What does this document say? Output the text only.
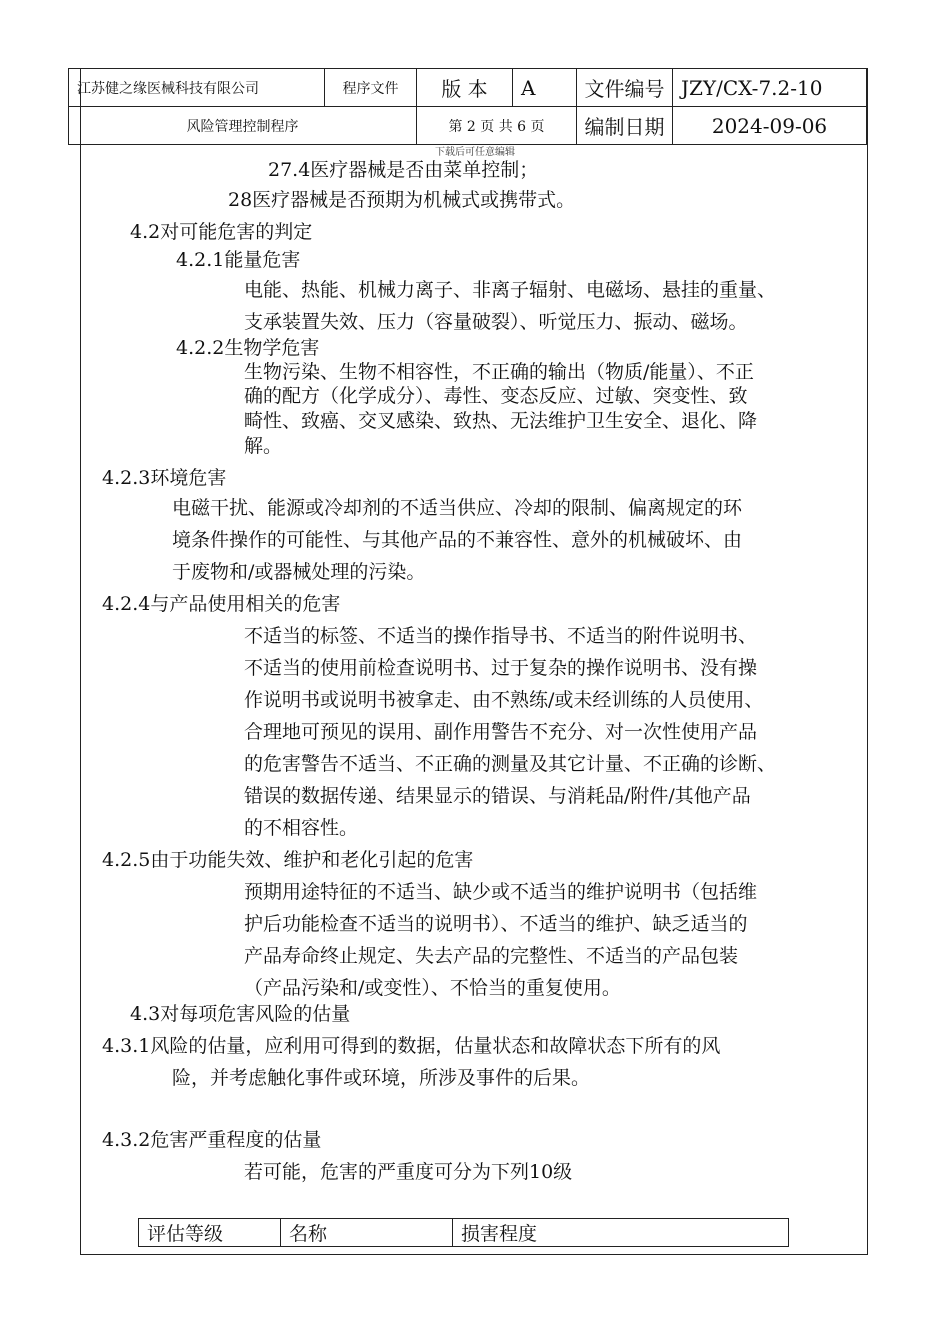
江苏健之缘医械科技有限公司	程序文件	版 本	A	文件编号	JZY/CX-7.2-10
风险管理控制程序		第 2 页 共 6 页		编制日期	2024-09-06
下载后可任意编辑
27.4医疗器械是否由菜单控制；
28医疗器械是否预期为机械式或携带式。
4.2对可能危害的判定
4.2.1能量危害
电能、热能、机械力离子、非离子辐射、电磁场、悬挂的重量、
支承装置失效、压力（容量破裂）、听觉压力、振动、磁场。
4.2.2生物学危害
生物污染、生物不相容性，不正确的输出（物质/能量）、不正
确的配方（化学成分）、毒性、变态反应、过敏、突变性、致
畸性、致癌、交叉感染、致热、无法维护卫生安全、退化、降
解。
4.2.3环境危害
电磁干扰、能源或冷却剂的不适当供应、冷却的限制、偏离规定的环
境条件操作的可能性、与其他产品的不兼容性、意外的机械破坏、由
于废物和/或器械处理的污染。
4.2.4与产品使用相关的危害
不适当的标签、不适当的操作指导书、不适当的附件说明书、
不适当的使用前检查说明书、过于复杂的操作说明书、没有操
作说明书或说明书被拿走、由不熟练/或未经训练的人员使用、
合理地可预见的误用、副作用警告不充分、对一次性使用产品
的危害警告不适当、不正确的测量及其它计量、不正确的诊断、
错误的数据传递、结果显示的错误、与消耗品/附件/其他产品
的不相容性。
4.2.5由于功能失效、维护和老化引起的危害
预期用途特征的不适当、缺少或不适当的维护说明书（包括维
护后功能检查不适当的说明书）、不适当的维护、缺乏适当的
产品寿命终止规定、失去产品的完整性、不适当的产品包装
（产品污染和/或变性）、不恰当的重复使用。
4.3对每项危害风险的估量
4.3.1风险的估量，应利用可得到的数据，估量状态和故障状态下所有的风
险，并考虑触化事件或环境，所涉及事件的后果。
4.3.2危害严重程度的估量
若可能，危害的严重度可分为下列10级
评估等级	名称	损害程度
